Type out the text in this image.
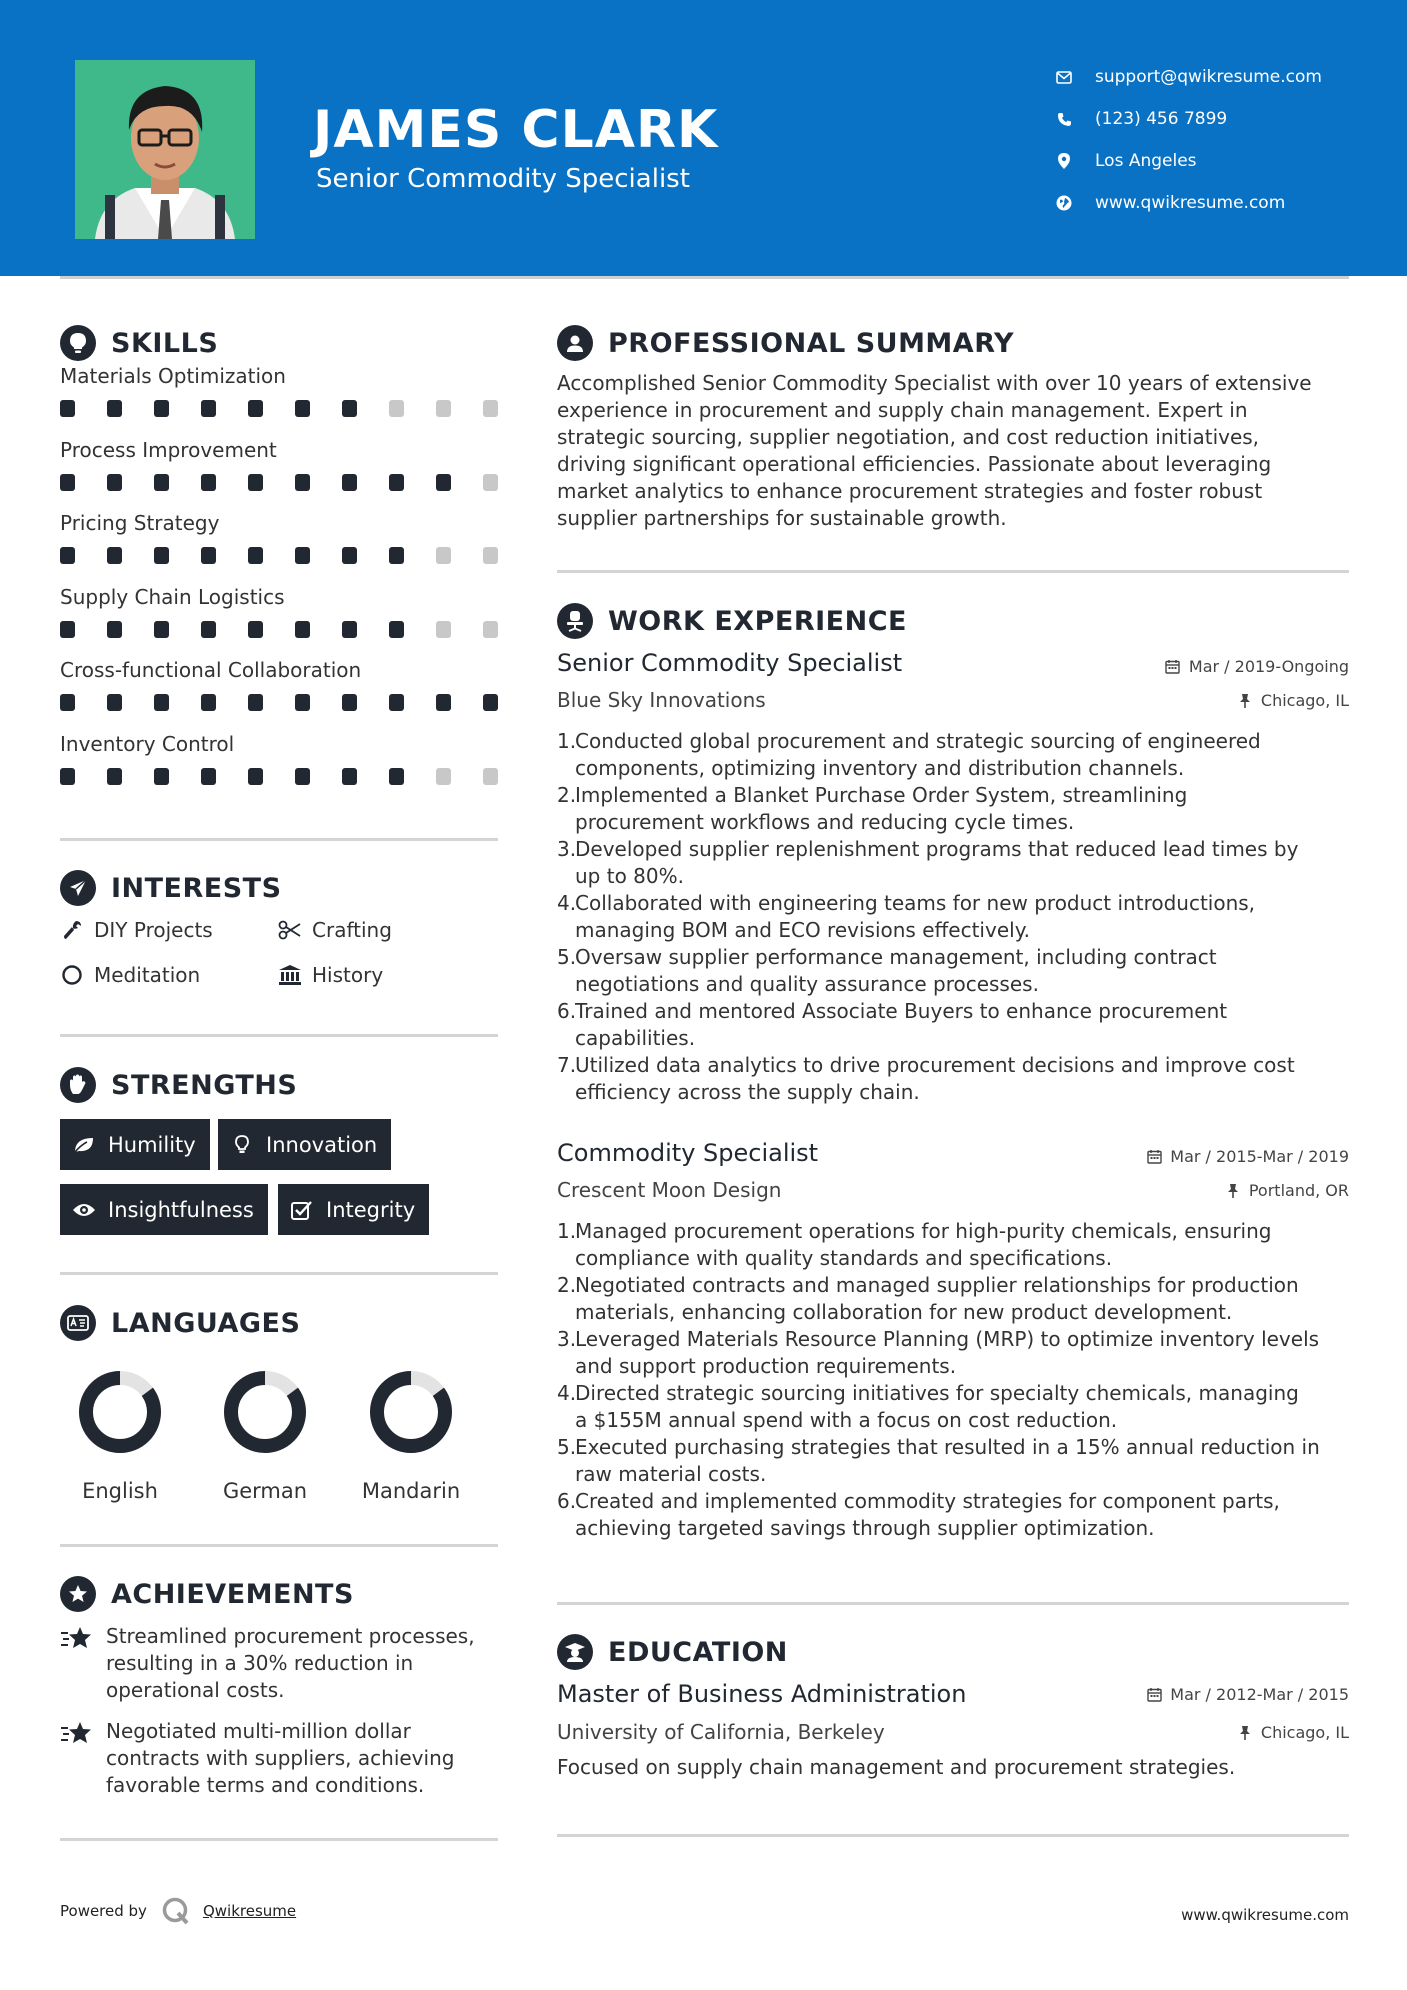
JAMES CLARK
Senior Commodity Specialist
support@qwikresume.com
(123) 456 7899
Los Angeles
www.qwikresume.com
SKILLS
Materials Optimization
Process Improvement
Pricing Strategy
Supply Chain Logistics
Cross-functional Collaboration
Inventory Control
INTERESTS
DIY Projects	Crafting
Meditation	History
STRENGTHS
Humility	Innovation
Insightfulness	Integrity
LANGUAGES
English	German	Mandarin
ACHIEVEMENTS
Streamlined procurement processes,
resulting in a 30% reduction in
operational costs.
Negotiated multi-million dollar
contracts with suppliers, achieving
favorable terms and conditions.
PROFESSIONAL SUMMARY
Accomplished Senior Commodity Specialist with over 10 years of extensive
experience in procurement and supply chain management. Expert in
strategic sourcing, supplier negotiation, and cost reduction initiatives,
driving significant operational efficiencies. Passionate about leveraging
market analytics to enhance procurement strategies and foster robust
supplier partnerships for sustainable growth.
WORK EXPERIENCE
Senior Commodity Specialist	Mar / 2019-Ongoing
Blue Sky Innovations	Chicago, IL
1.
Conducted global procurement and strategic sourcing of engineered
components, optimizing inventory and distribution channels.
2.
Implemented a Blanket Purchase Order System, streamlining
procurement workflows and reducing cycle times.
3.
Developed supplier replenishment programs that reduced lead times by
up to 80%.
4.
Collaborated with engineering teams for new product introductions,
managing BOM and ECO revisions effectively.
5.
Oversaw supplier performance management, including contract
negotiations and quality assurance processes.
6.
Trained and mentored Associate Buyers to enhance procurement
capabilities.
7.
Utilized data analytics to drive procurement decisions and improve cost
efficiency across the supply chain.
Commodity Specialist	Mar / 2015-Mar / 2019
Crescent Moon Design	Portland, OR
1.
Managed procurement operations for high-purity chemicals, ensuring
compliance with quality standards and specifications.
2.
Negotiated contracts and managed supplier relationships for production
materials, enhancing collaboration for new product development.
3.
Leveraged Materials Resource Planning (MRP) to optimize inventory levels
and support production requirements.
4.
Directed strategic sourcing initiatives for specialty chemicals, managing
a $155M annual spend with a focus on cost reduction.
5.
Executed purchasing strategies that resulted in a 15% annual reduction in
raw material costs.
6.
Created and implemented commodity strategies for component parts,
achieving targeted savings through supplier optimization.
EDUCATION
Master of Business Administration	Mar / 2012-Mar / 2015
University of California, Berkeley	Chicago, IL
Focused on supply chain management and procurement strategies.
Powered by	Qwikresume	www.qwikresume.com
